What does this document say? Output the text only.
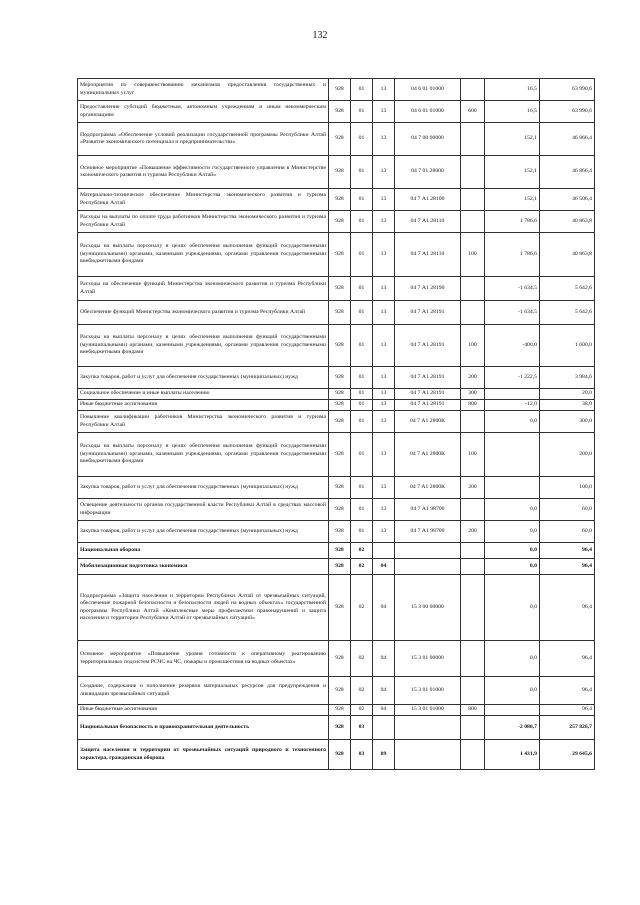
132
Мероприятия по совершенствованию механизмов предоставления государственных и муниципальных услуг	928	01	13	04 6 01 01000		16,5	63 990,6
Предоставление субсидий бюджетным, автономным учреждениям и иным некоммерческим организациям	928	01	13	04 6 01 01000	600	16,5	63 990,6
Подпрограмма «Обеспечение условий реализации государственной программы Республики Алтай «Развитие экономического потенциала и предпринимательства»	928	01	13	04 7 00 00000		152,1	46 866,4
Основное мероприятие «Повышение эффективности государственного управления в Министерстве экономического развития и туризма Республики Алтай»	928	01	13	04 7 01 28000		152,1	46 866,4
Материально-техническое обеспечение Министерства экономического развития и туризма Республики Алтай	928	01	13	04 7 А1 28100		152,1	46 506,4
Расходы на выплаты по оплате труда работников Министерства экономического развития и туризма Республики Алтай	928	01	13	04 7 А1 28110		1 786,6	40 863,8
Расходы на выплаты персоналу в целях обеспечения выполнения функций государственными (муниципальными) органами, казенными учреждениями, органами управления государственными внебюджетными фондами	928	01	13	04 7 А1 28110	100	1 786,6	40 863,8
Расходы на обеспечение функций Министерства экономического развития и туризма Республики Алтай	928	01	13	04 7 А1 28190		-1 634,5	5 642,6
Обеспечение функций Министерства экономического развития и туризма Республики Алтай	928	01	13	04 7 А1 28191		-1 634,5	5 642,6
Расходы на выплаты персоналу в целях обеспечения выполнения функций государственными (муниципальными) органами, казенными учреждениями, органами управления государственными внебюджетными фондами	928	01	13	04 7 А1 28191	100	-400,0	1 600,0
Закупка товаров, работ и услуг для обеспечения государственных (муниципальных) нужд	928	01	13	04 7 А1 28191	200	-1 222,5	3 984,6
Социальное обеспечение и иные выплаты населению	928	01	13	04 7 А1 28191	300		20,0
Иные бюджетные ассигнования	928	01	13	04 7 А1 28191	800	-12,0	38,0
Повышение квалификации работников Министерства экономического развития и туризма Республики Алтай	928	01	13	04 7 А1 2800К		0,0	300,0
Расходы на выплаты персоналу в целях обеспечения выполнения функций государственными (муниципальными) органами, казенными учреждениями, органами управления государственными внебюджетными фондами	928	01	13	04 7 А1 2800К	100		200,0
Закупка товаров, работ и услуг для обеспечения государственных (муниципальных) нужд	928	01	13	04 7 А1 2800К	200		100,0
Освещение деятельности органов государственной власти Республики Алтай в средствах массовой информации	928	01	13	04 7 А1 98700		0,0	60,0
Закупка товаров, работ и услуг для обеспечения государственных (муниципальных) нужд	928	01	13	04 7 А1 98700	200	0,0	60,0
Национальная оборона	928	02				0,0	96,4
Мобилизационная подготовка экономики	928	02	04			0,0	96,4
Подпрограмма «Защита населения и территории Республики Алтай от чрезвычайных ситуаций, обеспечение пожарной безопасности и безопасности людей на водных объектах» государственной программы Республики Алтай «Комплексные меры профилактики правонарушений и защита населения и территории Республики Алтай от чрезвычайных ситуаций»	928	02	04	15 3 00 00000		0,0	96,4
Основное мероприятие «Повышение уровня готовности к оперативному реагированию территориальных подсистем РСЧС на ЧС, пожары и происшествия на водных объектах»	928	02	04	15 3 01 00000		0,0	96,4
Создание, содержание и пополнение резервов материальных ресурсов для предупреждения и ликвидации чрезвычайных ситуаций	928	02	04	15 3 01 01000		0,0	96,4
Иные бюджетные ассигнования	928	02	04	15 3 01 01000	800		96,4
Национальная безопасность и правоохранительная деятельность	928	03				-2 080,7	257 826,7
Защита населения и территории от чрезвычайных ситуаций природного и техногенного характера, гражданская оборона	928	03	09			1 431,9	29 645,6
